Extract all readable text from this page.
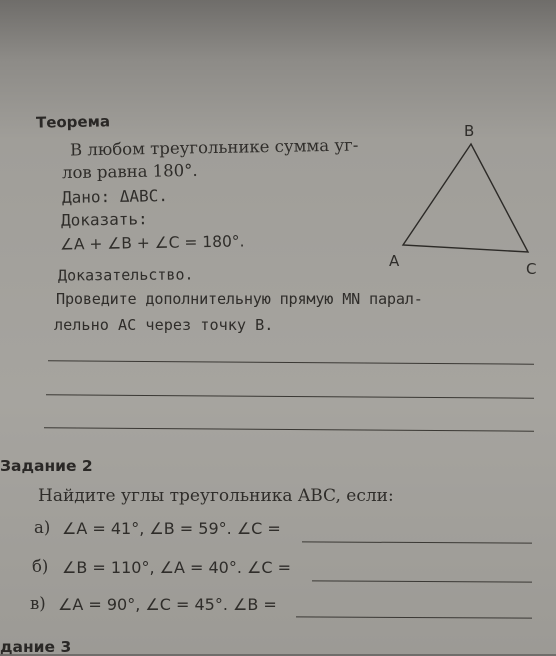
Теорема
В любом треугольнике сумма уг-
лов равна 180°.
Дано: ΔABC.
Доказать:
∠A + ∠B + ∠C = 180°.
Доказательство.
Проведите дополнительную прямую MN парал-
лельно AC через точку B.
B
A	C
Задание 2
Найдите углы треугольника ABC, если:
а) ∠A = 41°, ∠B = 59°. ∠C =
б) ∠B = 110°, ∠A = 40°. ∠C =
в) ∠A = 90°, ∠C = 45°. ∠B =
дание 3
